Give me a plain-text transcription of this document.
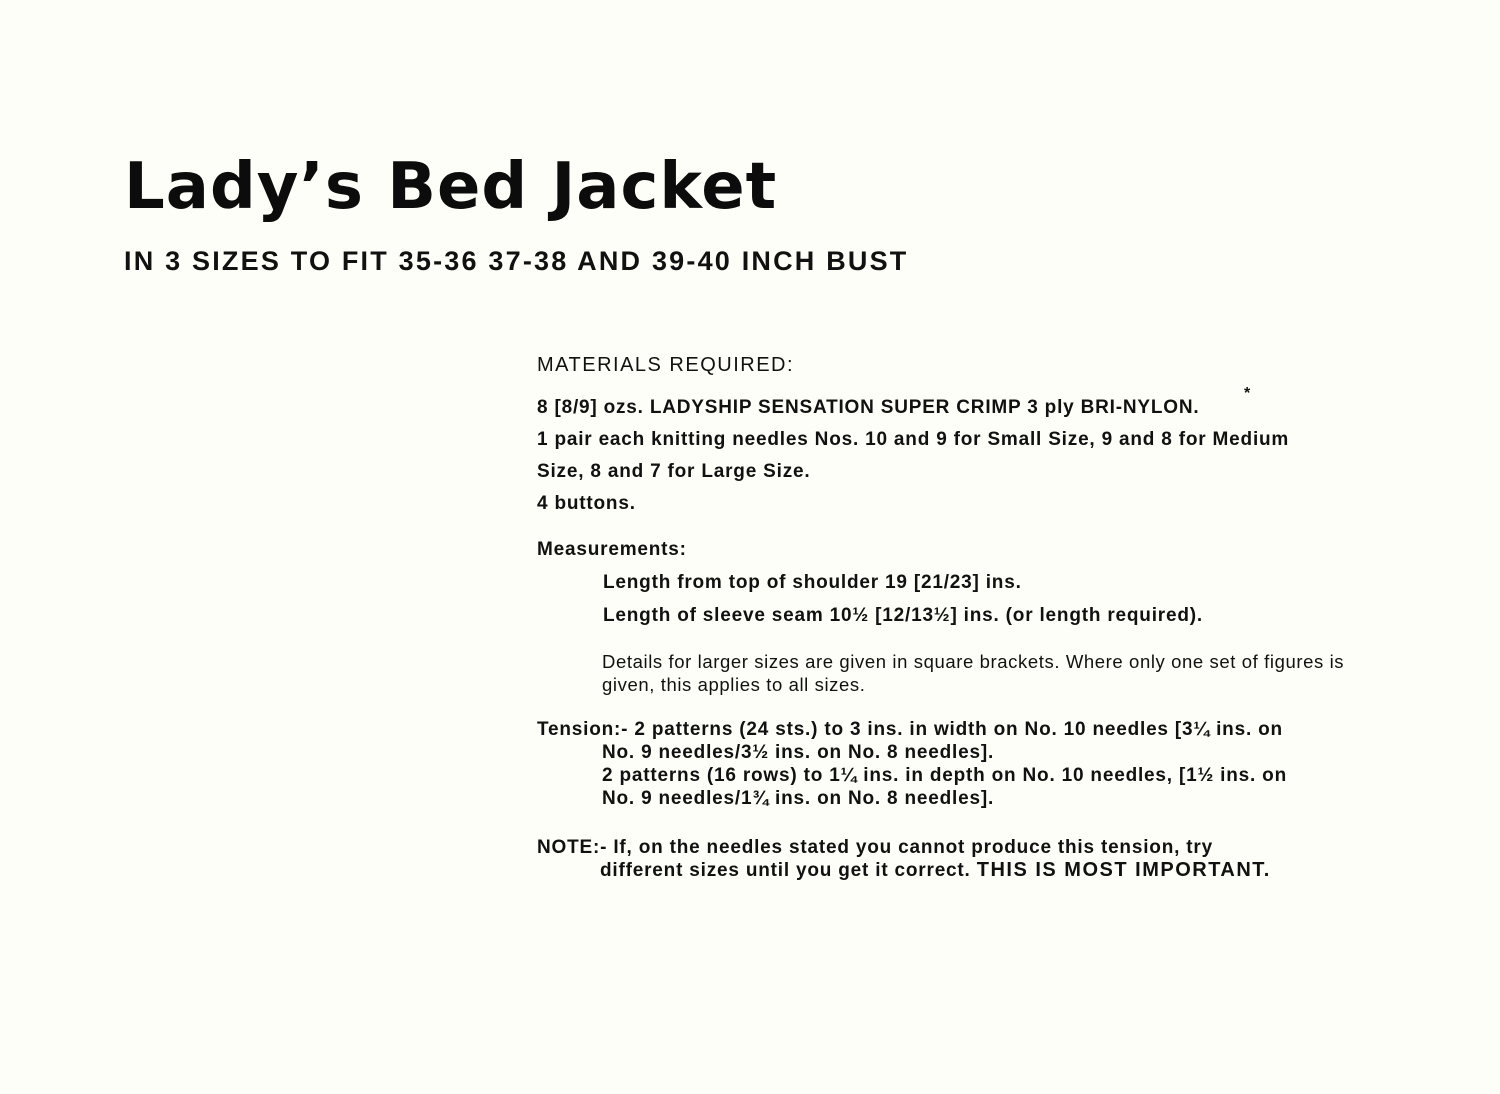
Lady’s Bed Jacket
IN 3 SIZES TO FIT 35-36 37-38 AND 39-40 INCH BUST
MATERIALS REQUIRED:
*
8 [8/9] ozs. LADYSHIP SENSATION SUPER CRIMP 3 ply BRI-NYLON.
1 pair each knitting needles Nos. 10 and 9 for Small Size, 9 and 8 for Medium
Size, 8 and 7 for Large Size.
4 buttons.
Measurements:
Length from top of shoulder 19 [21/23] ins.
Length of sleeve seam 10½ [12/13½] ins. (or length required).
Details for larger sizes are given in square brackets. Where only one set of figures is given, this applies to all sizes.
Tension:- 2 patterns (24 sts.) to 3 ins. in width on No. 10 needles [3¼ ins. on
No. 9 needles/3½ ins. on No. 8 needles].
2 patterns (16 rows) to 1¼ ins. in depth on No. 10 needles, [1½ ins. on
No. 9 needles/1¾ ins. on No. 8 needles].
NOTE:- If, on the needles stated you cannot produce this tension, try
different sizes until you get it correct. THIS IS MOST IMPORTANT.
